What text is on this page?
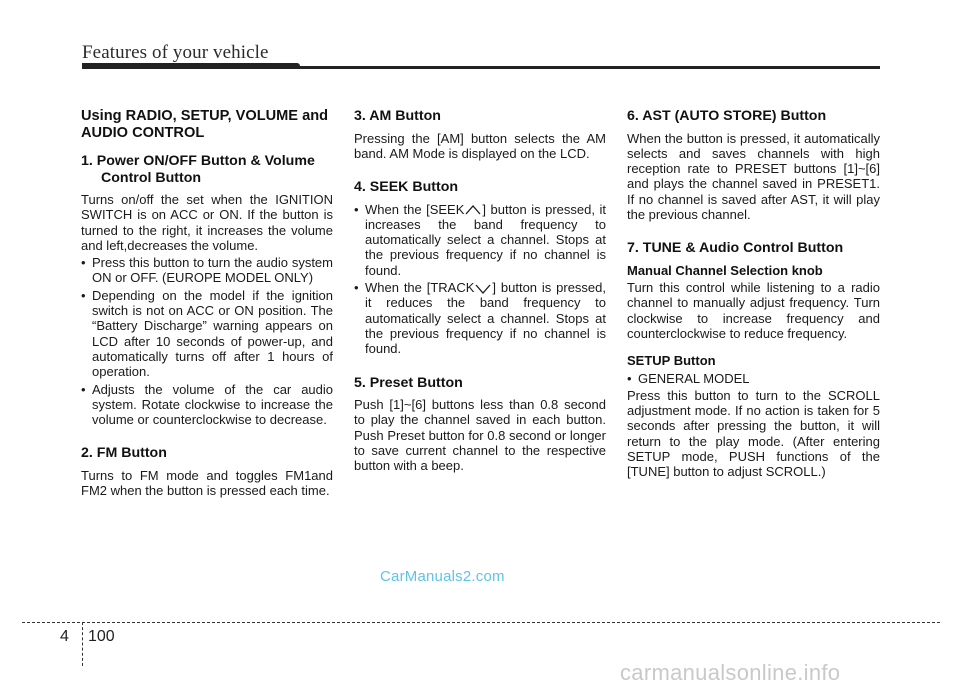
Features of your vehicle
Using RADIO, SETUP, VOLUME and AUDIO CONTROL
1. Power ON/OFF Button & Volume
Control Button

Turns on/off the set when the IGNITION SWITCH is on ACC or ON. If the button is turned to the right, it increases the volume and left,decreases the volume.

• Press this button to turn the audio system ON or OFF. (EUROPE MODEL ONLY)
• Depending on the model if the ignition switch is not on ACC or ON position. The “Battery Discharge” warning appears on LCD after 10 seconds of power-up, and automatically turns off after 1 hours of operation.
• Adjusts the volume of the car audio system. Rotate clockwise to increase the volume or counterclockwise to decrease.
2. FM Button

Turns to FM mode and toggles FM1and FM2 when the button is pressed each time.

3. AM Button

Pressing the [AM] button selects the AM band. AM Mode is displayed on the LCD.

4. SEEK Button
• When the [SEEK ] button is pressed, it increases the band frequency to automatically select a channel. Stops at the previous frequency if no channel is found.
• When the [TRACK ] button is pressed, it reduces the band frequency to automatically select a channel. Stops at the previous frequency if no channel is found.
5. Preset Button

Push [1]~[6] buttons less than 0.8 second to play the channel saved in each button. Push Preset button for 0.8 second or longer to save current channel to the respective button with a beep.

6. AST (AUTO STORE) Button

When the button is pressed, it automatically selects and saves channels with high reception rate to PRESET buttons [1]~[6] and plays the channel saved in PRESET1. If no channel is saved after AST, it will play the previous channel.

7. TUNE & Audio Control Button
Manual Channel Selection knob

Turn this control while listening to a radio channel to manually adjust frequency. Turn clockwise to increase frequency and counterclockwise to reduce frequency.

SETUP Button
• GENERAL MODEL

Press this button to turn to the SCROLL adjustment mode. If no action is taken for 5 seconds after pressing the button, it will return to the play mode. (After entering SETUP mode, PUSH functions of the [TUNE] button to adjust SCROLL.)

CarManuals2.com
4 100
carmanualsonline.info
